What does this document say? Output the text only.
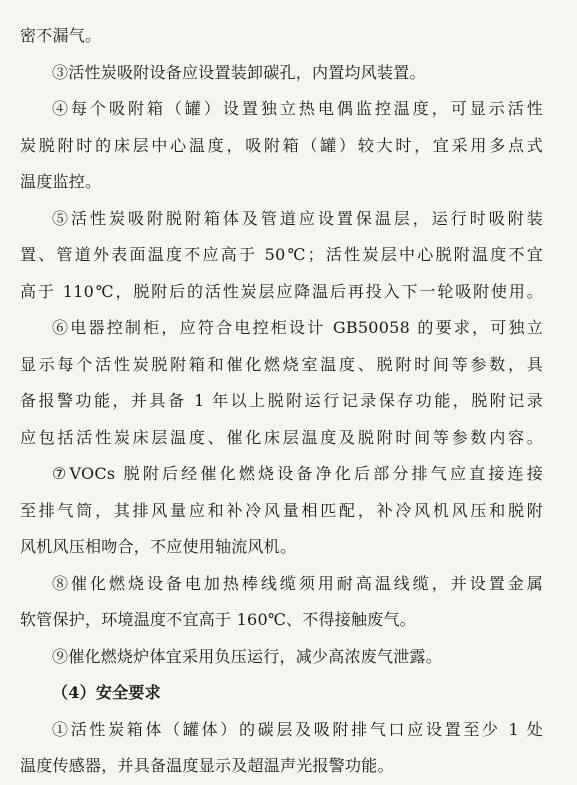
密不漏气。
③活性炭吸附设备应设置装卸碳孔，内置均风装置。
④每个吸附箱（罐）设置独立热电偶监控温度，可显示活性
炭脱附时的床层中心温度，吸附箱（罐）较大时，宜采用多点式
温度监控。
⑤活性炭吸附脱附箱体及管道应设置保温层，运行时吸附装
置、管道外表面温度不应高于 50℃；活性炭层中心脱附温度不宜
高于 110℃，脱附后的活性炭层应降温后再投入下一轮吸附使用。
⑥电器控制柜，应符合电控柜设计 GB50058 的要求，可独立
显示每个活性炭脱附箱和催化燃烧室温度、脱附时间等参数，具
备报警功能，并具备 1 年以上脱附运行记录保存功能，脱附记录
应包括活性炭床层温度、催化床层温度及脱附时间等参数内容。
⑦VOCs 脱附后经催化燃烧设备净化后部分排气应直接连接
至排气筒，其排风量应和补冷风量相匹配，补冷风机风压和脱附
风机风压相吻合，不应使用轴流风机。
⑧催化燃烧设备电加热棒线缆须用耐高温线缆，并设置金属
软管保护，环境温度不宜高于 160℃、不得接触废气。
⑨催化燃烧炉体宜采用负压运行，减少高浓废气泄露。
（4）安全要求
①活性炭箱体（罐体）的碳层及吸附排气口应设置至少 1 处
温度传感器，并具备温度显示及超温声光报警功能。
